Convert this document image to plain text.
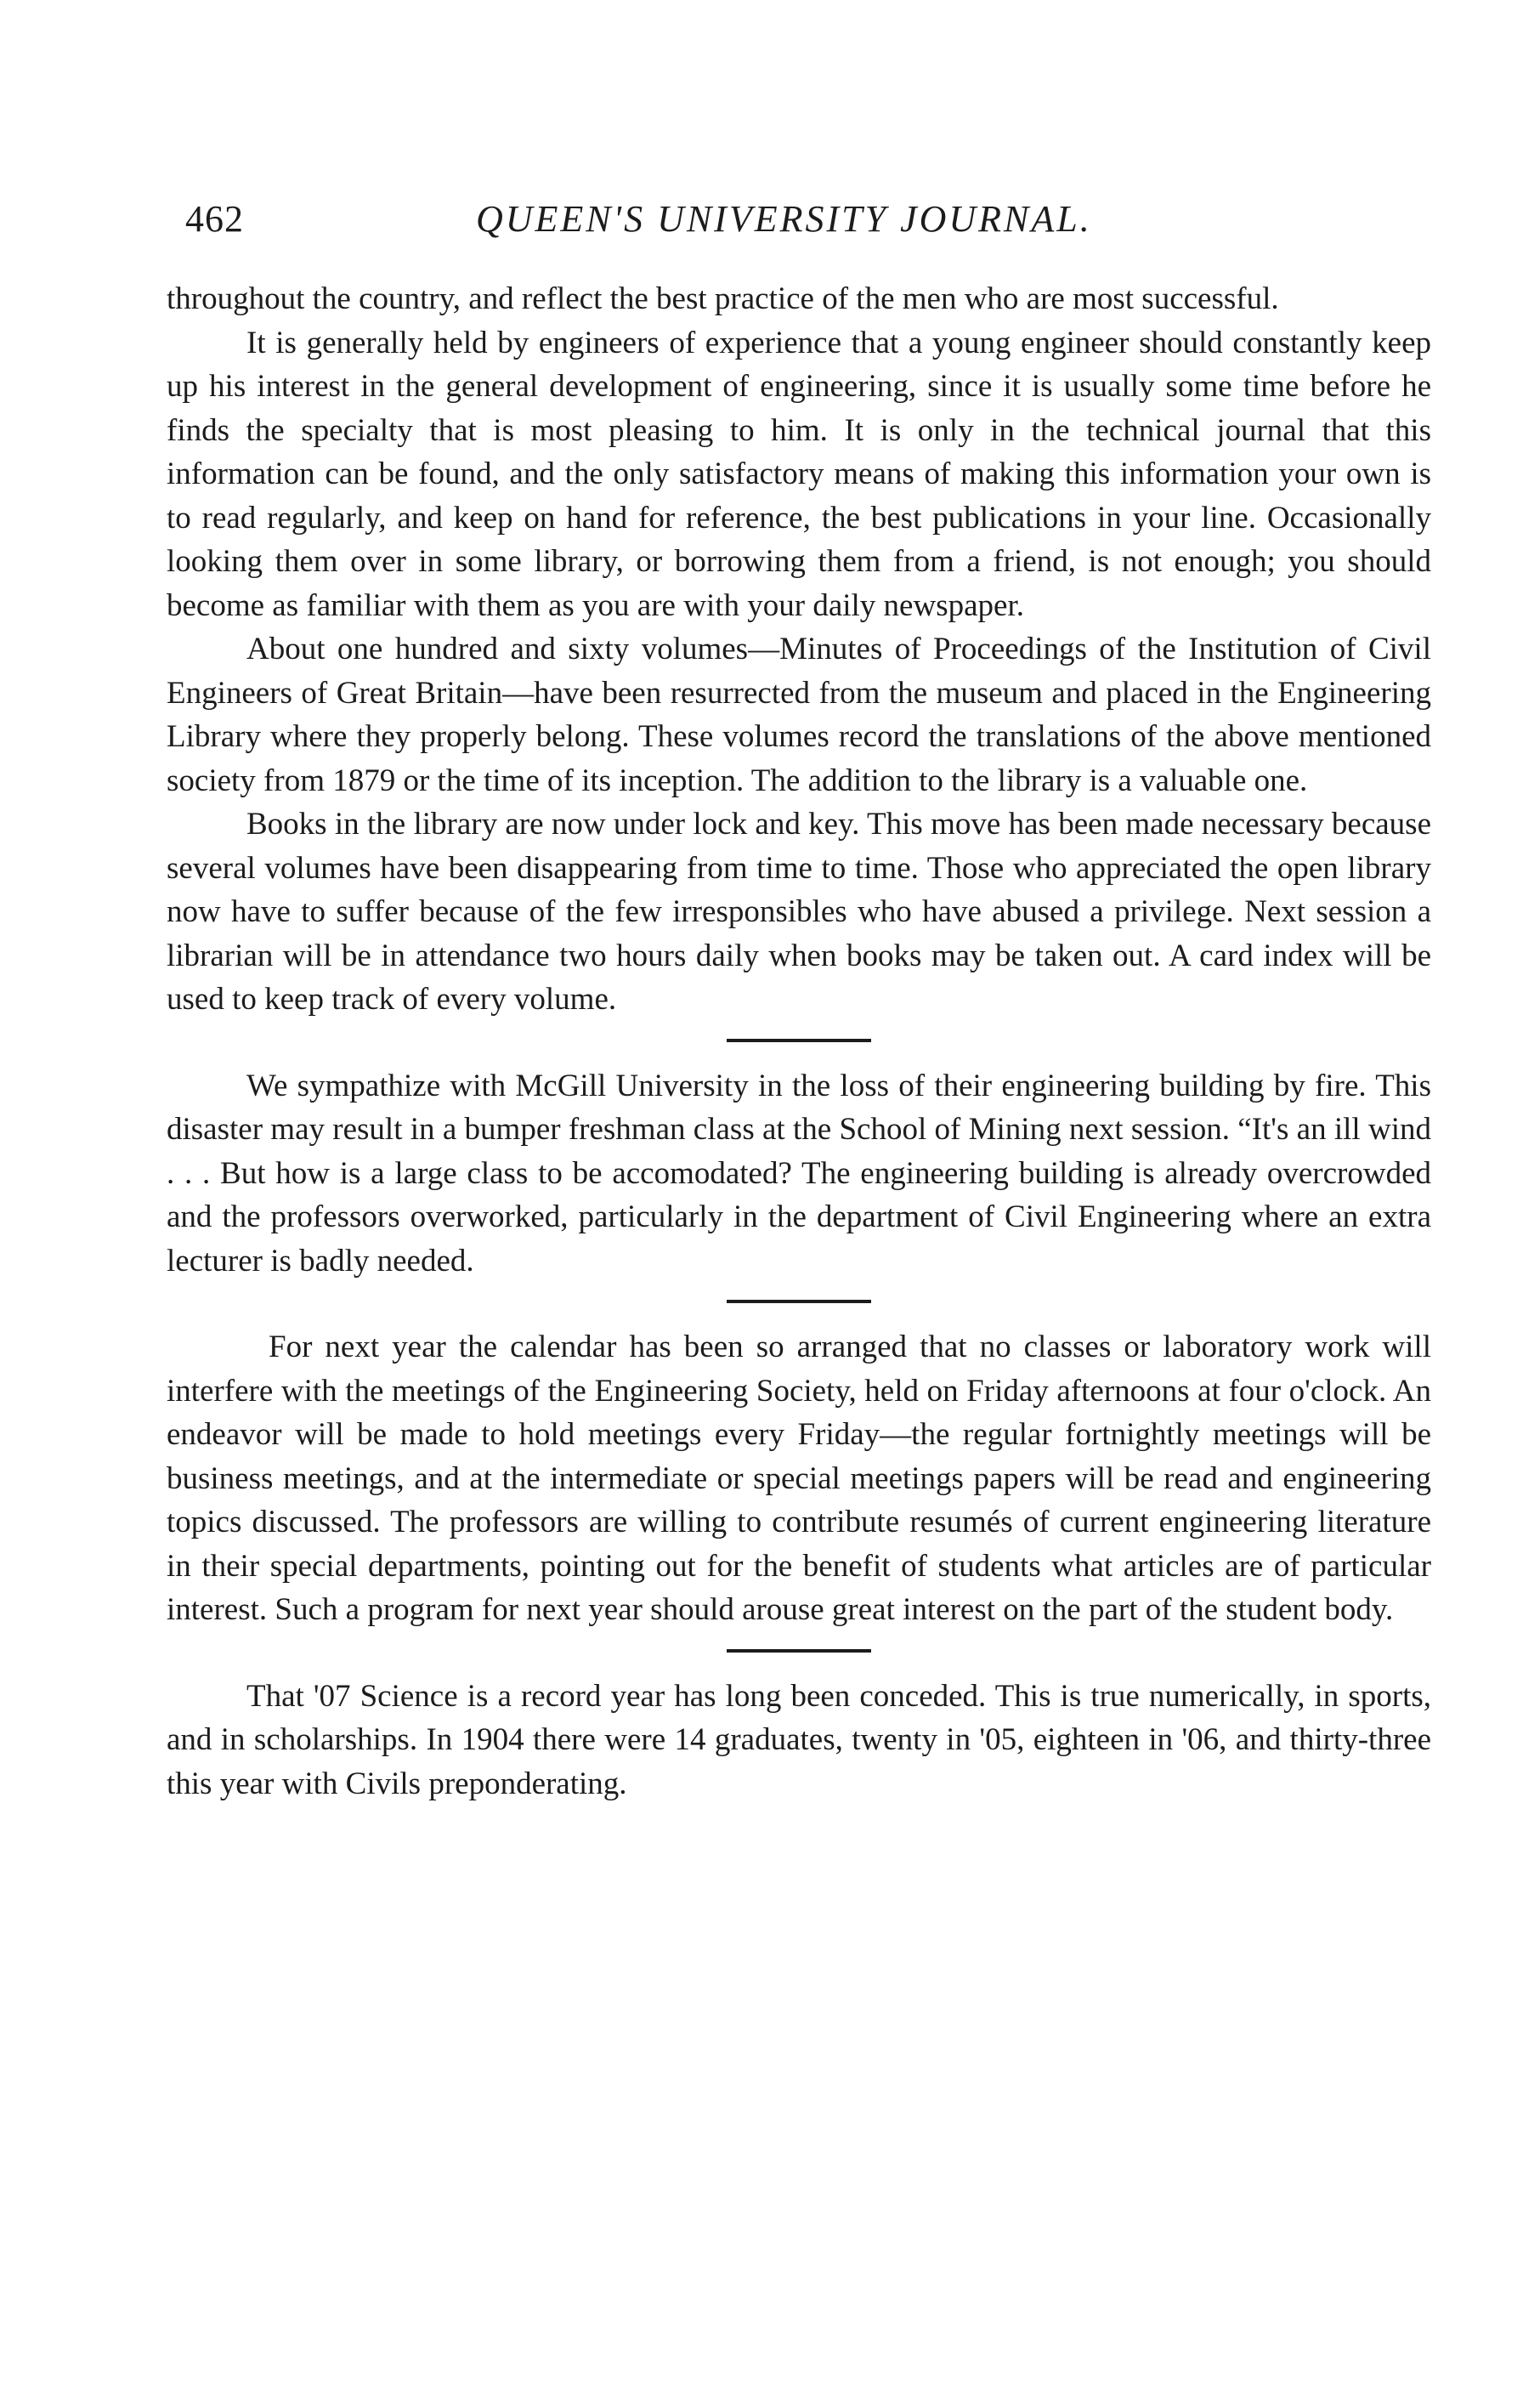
462	QUEEN'S UNIVERSITY JOURNAL.

throughout the country, and reflect the best practice of the men who are most successful.

It is generally held by engineers of experience that a young engineer should constantly keep up his interest in the general development of engineering, since it is usually some time before he finds the specialty that is most pleasing to him. It is only in the technical journal that this information can be found, and the only satisfactory means of making this information your own is to read regularly, and keep on hand for reference, the best publications in your line. Occasionally looking them over in some library, or borrowing them from a friend, is not enough; you should become as familiar with them as you are with your daily newspaper.

About one hundred and sixty volumes—Minutes of Proceedings of the Institution of Civil Engineers of Great Britain—have been resurrected from the museum and placed in the Engineering Library where they properly belong. These volumes record the translations of the above mentioned society from 1879 or the time of its inception. The addition to the library is a valuable one.

Books in the library are now under lock and key. This move has been made necessary because several volumes have been disappearing from time to time. Those who appreciated the open library now have to suffer because of the few irresponsibles who have abused a privilege. Next session a librarian will be in attendance two hours daily when books may be taken out. A card index will be used to keep track of every volume.

We sympathize with McGill University in the loss of their engineering building by fire. This disaster may result in a bumper freshman class at the School of Mining next session. “It's an ill wind . . . But how is a large class to be accomodated? The engineering building is already overcrowded and the professors overworked, particularly in the department of Civil Engineering where an extra lecturer is badly needed.

For next year the calendar has been so arranged that no classes or laboratory work will interfere with the meetings of the Engineering Society, held on Friday afternoons at four o'clock. An endeavor will be made to hold meetings every Friday—the regular fortnightly meetings will be business meetings, and at the intermediate or special meetings papers will be read and engineering topics discussed. The professors are willing to contribute resumés of current engineering literature in their special departments, pointing out for the benefit of students what articles are of particular interest. Such a program for next year should arouse great interest on the part of the student body.

That '07 Science is a record year has long been conceded. This is true numerically, in sports, and in scholarships. In 1904 there were 14 graduates, twenty in '05, eighteen in '06, and thirty-three this year with Civils preponderating.
